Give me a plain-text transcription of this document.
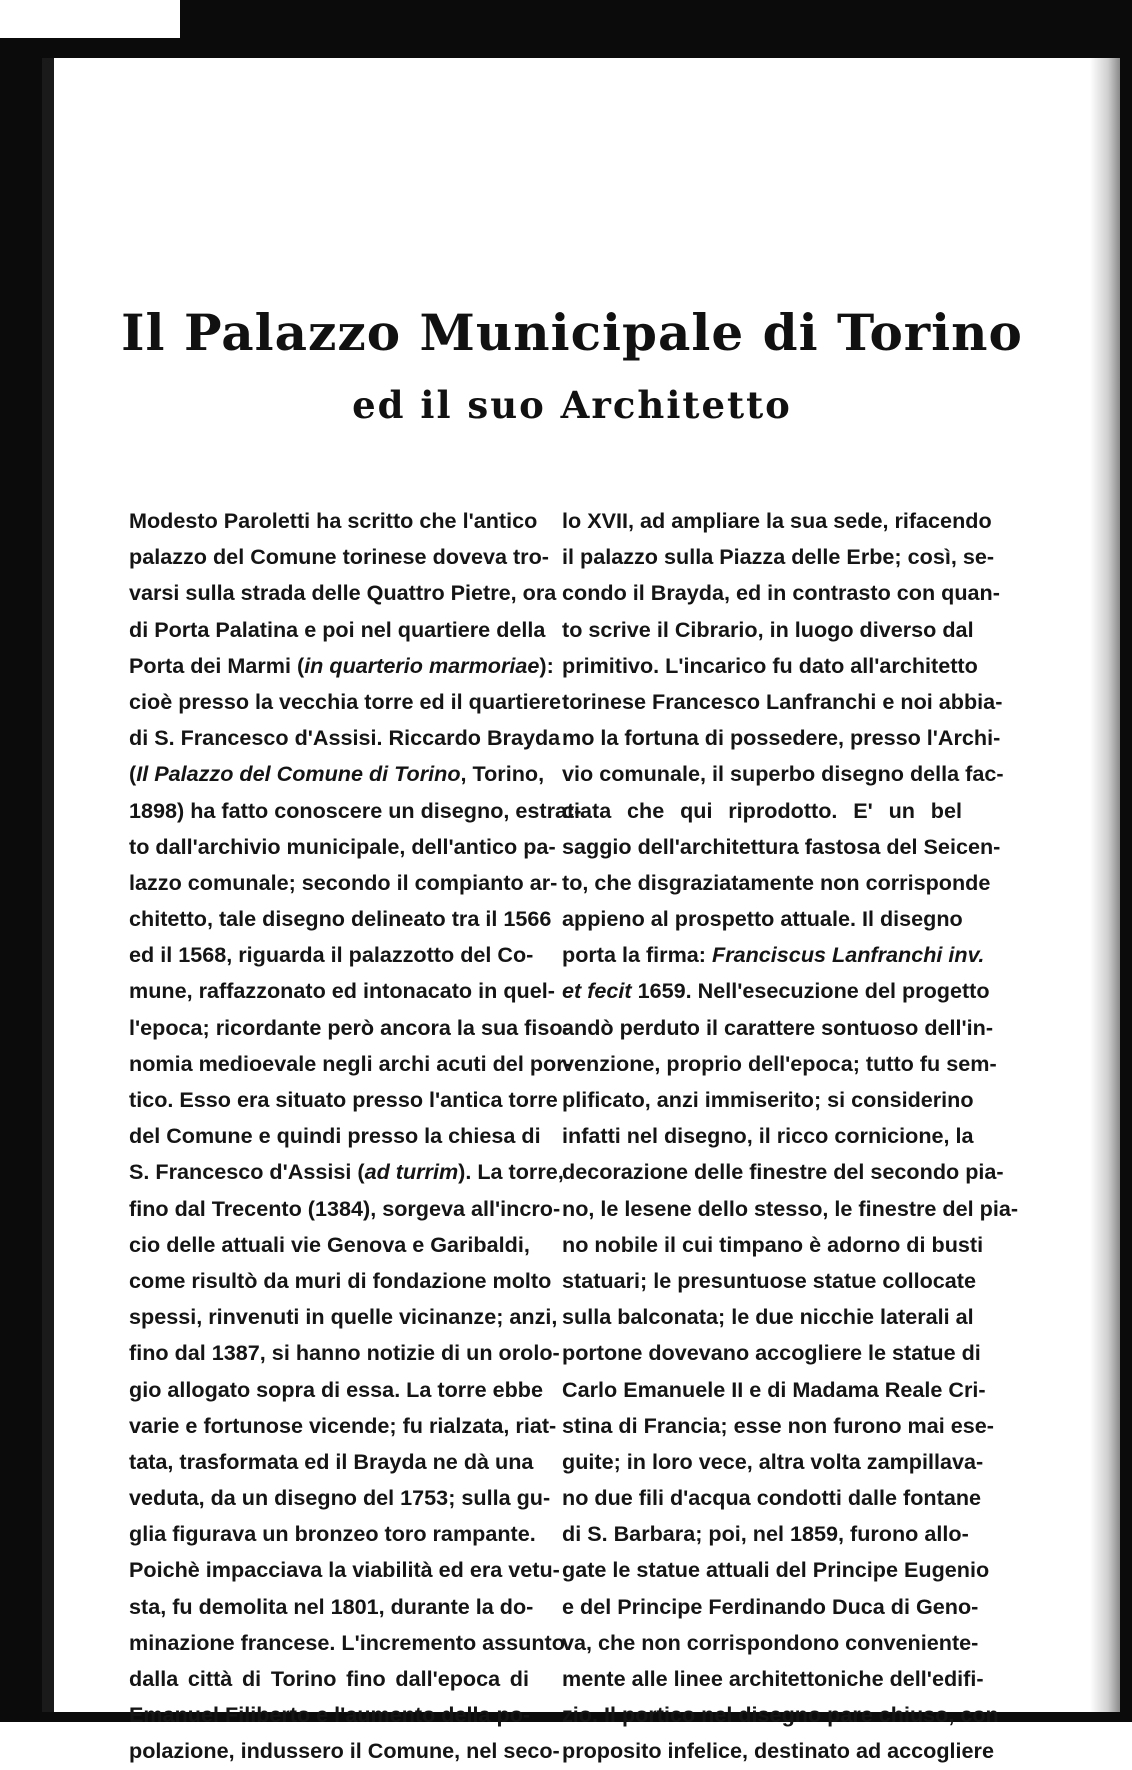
Il Palazzo Municipale di Torino
ed il suo Architetto
Modesto Paroletti ha scritto che l'antico
palazzo del Comune torinese doveva tro-
varsi sulla strada delle Quattro Pietre, ora
di Porta Palatina e poi nel quartiere della
Porta dei Marmi (in quarterio marmoriae):
cioè presso la vecchia torre ed il quartiere
di S. Francesco d'Assisi. Riccardo Brayda
(Il Palazzo del Comune di Torino, Torino,
1898) ha fatto conoscere un disegno, estrat-
to dall'archivio municipale, dell'antico pa-
lazzo comunale; secondo il compianto ar-
chitetto, tale disegno delineato tra il 1566
ed il 1568, riguarda il palazzotto del Co-
mune, raffazzonato ed intonacato in quel-
l'epoca; ricordante però ancora la sua fiso-
nomia medioevale negli archi acuti del por-
tico. Esso era situato presso l'antica torre
del Comune e quindi presso la chiesa di
S. Francesco d'Assisi (ad turrim). La torre,
fino dal Trecento (1384), sorgeva all'incro-
cio delle attuali vie Genova e Garibaldi,
come risultò da muri di fondazione molto
spessi, rinvenuti in quelle vicinanze; anzi,
fino dal 1387, si hanno notizie di un orolo-
gio allogato sopra di essa. La torre ebbe
varie e fortunose vicende; fu rialzata, riat-
tata, trasformata ed il Brayda ne dà una
veduta, da un disegno del 1753; sulla gu-
glia figurava un bronzeo toro rampante.
Poichè impacciava la viabilità ed era vetu-
sta, fu demolita nel 1801, durante la do-
minazione francese. L'incremento assunto
dalla città di Torino fino dall'epoca di
Emanuel Filiberto e l'aumento della po-
polazione, indussero il Comune, nel seco-
lo XVII, ad ampliare la sua sede, rifacendo
il palazzo sulla Piazza delle Erbe; così, se-
condo il Brayda, ed in contrasto con quan-
to scrive il Cibrario, in luogo diverso dal
primitivo. L'incarico fu dato all'architetto
torinese Francesco Lanfranchi e noi abbia-
mo la fortuna di possedere, presso l'Archi-
vio comunale, il superbo disegno della fac-
ciata che qui riprodotto. E' un bel
saggio dell'architettura fastosa del Seicen-
to, che disgraziatamente non corrisponde
appieno al prospetto attuale. Il disegno
porta la firma: Franciscus Lanfranchi inv.
et fecit 1659. Nell'esecuzione del progetto
andò perduto il carattere sontuoso dell'in-
venzione, proprio dell'epoca; tutto fu sem-
plificato, anzi immiserito; si considerino
infatti nel disegno, il ricco cornicione, la
decorazione delle finestre del secondo pia-
no, le lesene dello stesso, le finestre del pia-
no nobile il cui timpano è adorno di busti
statuari; le presuntuose statue collocate
sulla balconata; le due nicchie laterali al
portone dovevano accogliere le statue di
Carlo Emanuele II e di Madama Reale Cri-
stina di Francia; esse non furono mai ese-
guite; in loro vece, altra volta zampillava-
no due fili d'acqua condotti dalle fontane
di S. Barbara; poi, nel 1859, furono allo-
gate le statue attuali del Principe Eugenio
e del Principe Ferdinando Duca di Geno-
va, che non corrispondono convenientе-
mente alle linee architettoniche dell'edifi-
zio. Il portico nel disegno pare chiuso, con
proposito infelice, destinato ad accogliere
